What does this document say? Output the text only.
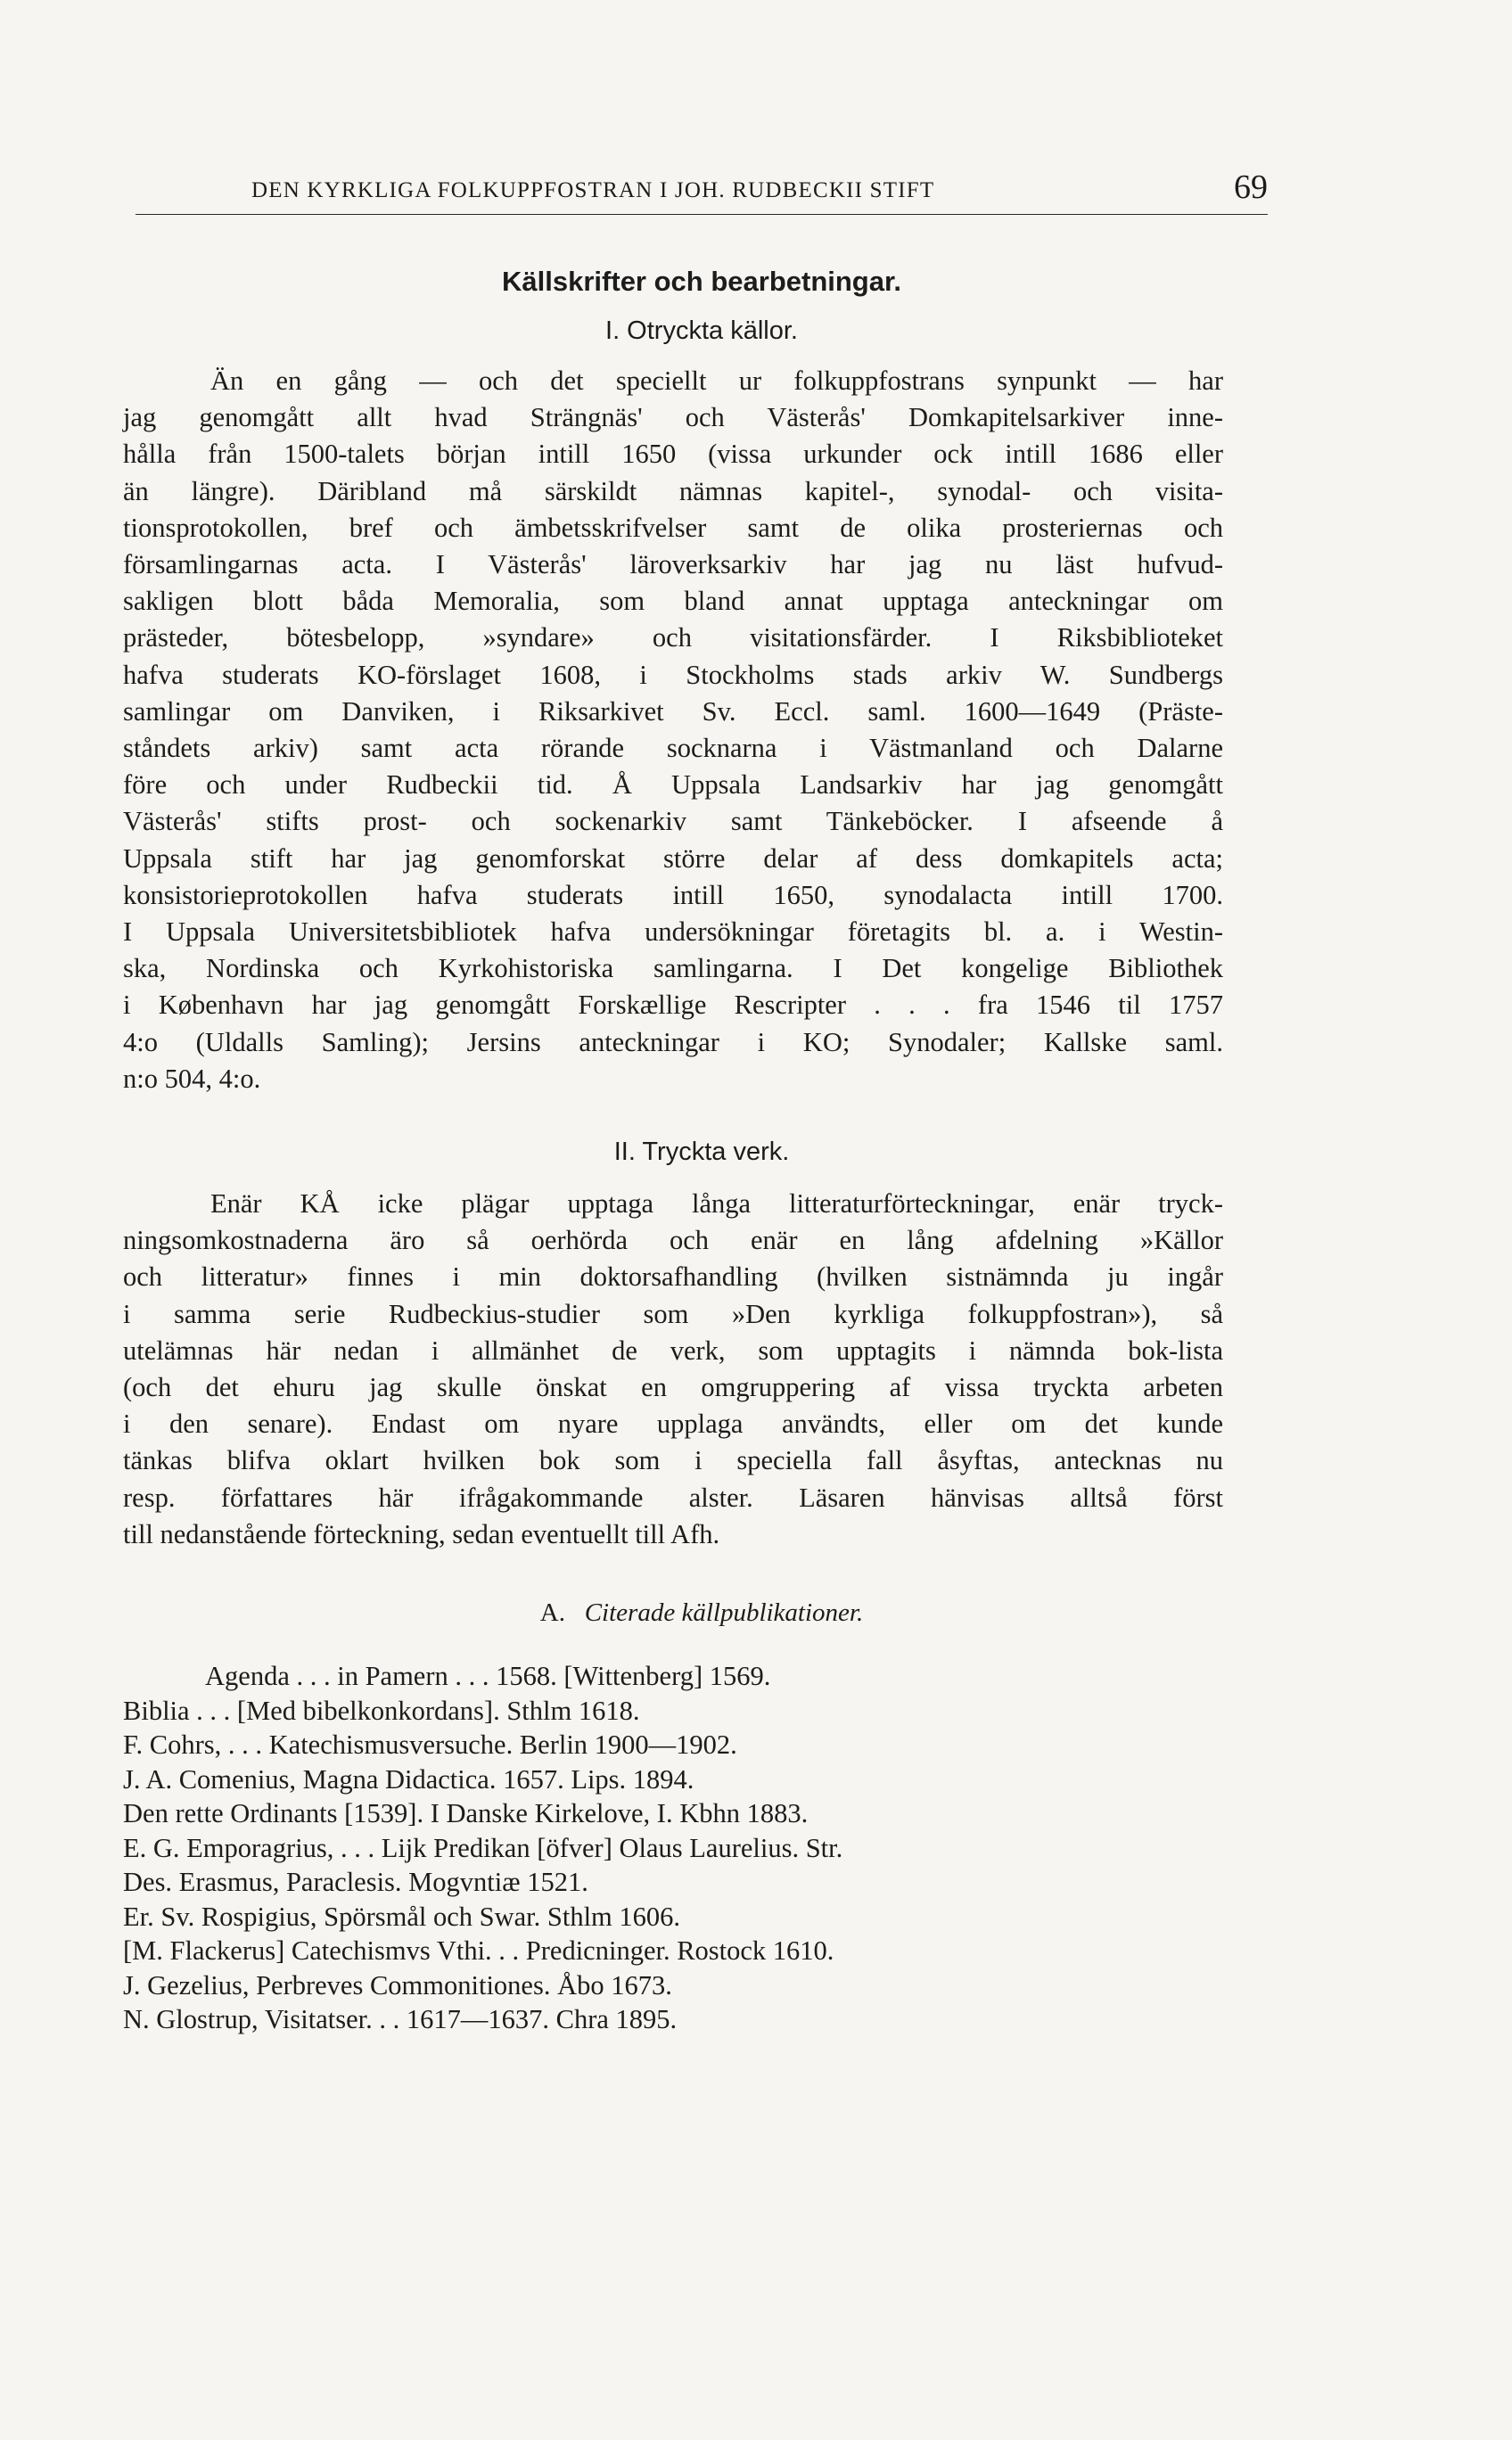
DEN KYRKLIGA FOLKUPPFOSTRAN I JOH. RUDBECKII STIFT	69
Källskrifter och bearbetningar.
I. Otryckta källor.
Än en gång — och det speciellt ur folkuppfostrans synpunkt — har
jag genomgått allt hvad Strängnäs' och Västerås' Domkapitelsarkiver inne-
hålla från 1500-talets början intill 1650 (vissa urkunder ock intill 1686 eller
än längre). Däribland må särskildt nämnas kapitel-, synodal- och visita-
tionsprotokollen, bref och ämbetsskrifvelser samt de olika prosteriernas och
församlingarnas acta. I Västerås' läroverksarkiv har jag nu läst hufvud-
sakligen blott båda Memoralia, som bland annat upptaga anteckningar om
prästeder, bötesbelopp, »syndare» och visitationsfärder. I Riksbiblioteket
hafva studerats KO-förslaget 1608, i Stockholms stads arkiv W. Sundbergs
samlingar om Danviken, i Riksarkivet Sv. Eccl. saml. 1600—1649 (Präste-
ståndets arkiv) samt acta rörande socknarna i Västmanland och Dalarne
före och under Rudbeckii tid. Å Uppsala Landsarkiv har jag genomgått
Västerås' stifts prost- och sockenarkiv samt Tänkeböcker. I afseende å
Uppsala stift har jag genomforskat större delar af dess domkapitels acta;
konsistorieprotokollen hafva studerats intill 1650, synodalacta intill 1700.
I Uppsala Universitetsbibliotek hafva undersökningar företagits bl. a. i Westin-
ska, Nordinska och Kyrkohistoriska samlingarna. I Det kongelige Bibliothek
i København har jag genomgått Forskællige Rescripter . . . fra 1546 til 1757
4:o (Uldalls Samling); Jersins anteckningar i KO; Synodaler; Kallske saml.
n:o 504, 4:o.
II. Tryckta verk.
Enär KÅ icke plägar upptaga långa litteraturförteckningar, enär tryck-
ningsomkostnaderna äro så oerhörda och enär en lång afdelning »Källor
och litteratur» finnes i min doktorsafhandling (hvilken sistnämnda ju ingår
i samma serie Rudbeckius-studier som »Den kyrkliga folkuppfostran»), så
utelämnas här nedan i allmänhet de verk, som upptagits i nämnda bok-lista
(och det ehuru jag skulle önskat en omgruppering af vissa tryckta arbeten
i den senare). Endast om nyare upplaga användts, eller om det kunde
tänkas blifva oklart hvilken bok som i speciella fall åsyftas, antecknas nu
resp. författares här ifrågakommande alster. Läsaren hänvisas alltså först
till nedanstående förteckning, sedan eventuellt till Afh.
A. Citerade källpublikationer.
Agenda . . . in Pamern . . . 1568. [Wittenberg] 1569.
Biblia . . . [Med bibelkonkordans]. Sthlm 1618.
F. Cohrs, . . . Katechismusversuche. Berlin 1900—1902.
J. A. Comenius, Magna Didactica. 1657. Lips. 1894.
Den rette Ordinants [1539]. I Danske Kirkelove, I. Kbhn 1883.
E. G. Emporagrius, . . . Lijk Predikan [öfver] Olaus Laurelius. Str.
Des. Erasmus, Paraclesis. Mogvntiæ 1521.
Er. Sv. Rospigius, Spörsmål och Swar. Sthlm 1606.
[M. Flackerus] Catechismvs Vthi. . . Prediсninger. Rostock 1610.
J. Gezelius, Perbreves Commonitiones. Åbo 1673.
N. Glostrup, Visitatser. . . 1617—1637. Chra 1895.
